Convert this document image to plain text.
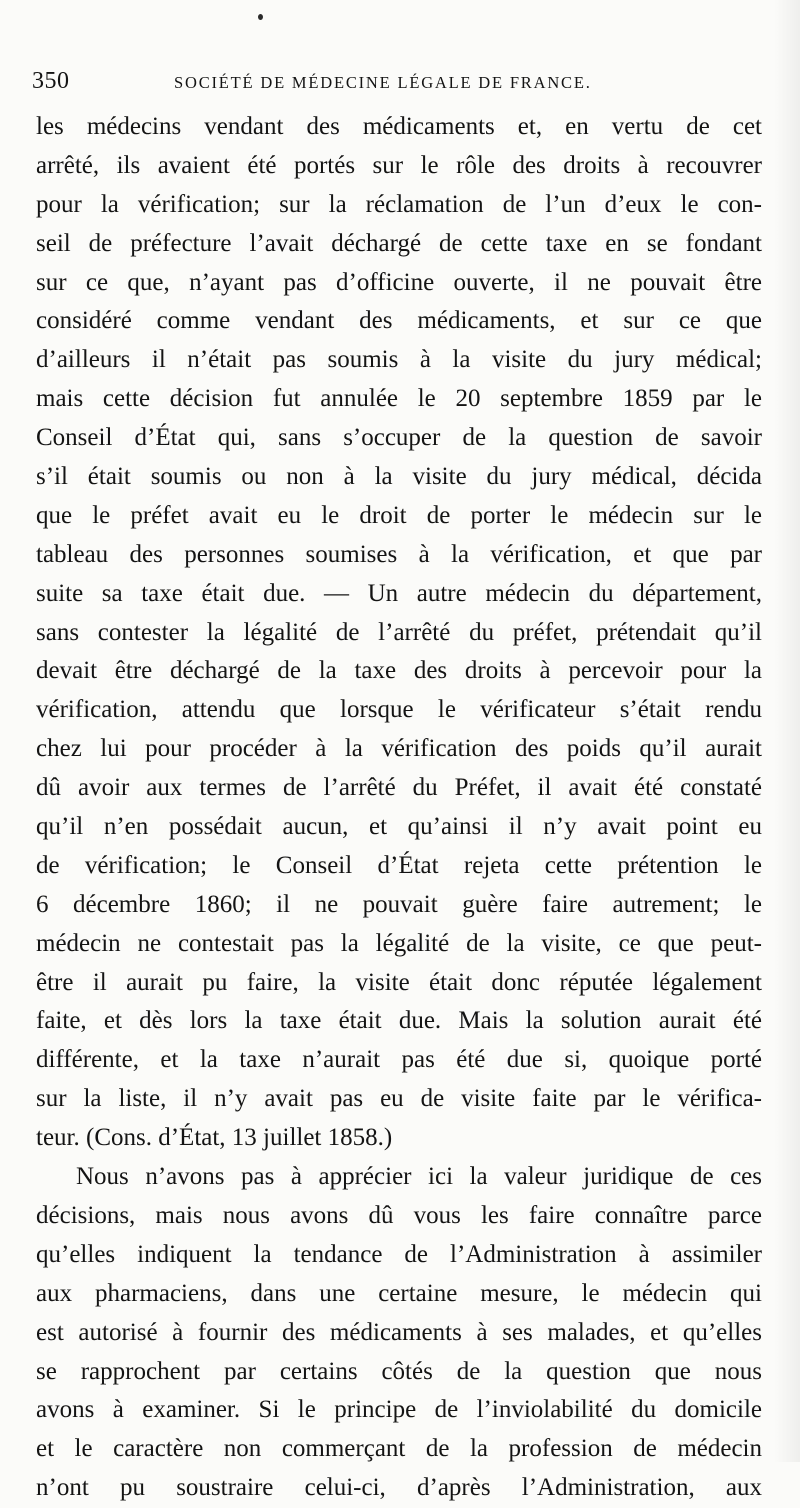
350	SOCIÉTÉ DE MÉDECINE LÉGALE DE FRANCE.
les médecins vendant des médicaments et, en vertu de cet
arrêté, ils avaient été portés sur le rôle des droits à recouvrer
pour la vérification; sur la réclamation de l’un d’eux le con-
seil de préfecture l’avait déchargé de cette taxe en se fondant
sur ce que, n’ayant pas d’officine ouverte, il ne pouvait être
considéré comme vendant des médicaments, et sur ce que
d’ailleurs il n’était pas soumis à la visite du jury médical;
mais cette décision fut annulée le 20 septembre 1859 par le
Conseil d’État qui, sans s’occuper de la question de savoir
s’il était soumis ou non à la visite du jury médical, décida
que le préfet avait eu le droit de porter le médecin sur le
tableau des personnes soumises à la vérification, et que par
suite sa taxe était due. — Un autre médecin du département,
sans contester la légalité de l’arrêté du préfet, prétendait qu’il
devait être déchargé de la taxe des droits à percevoir pour la
vérification, attendu que lorsque le vérificateur s’était rendu
chez lui pour procéder à la vérification des poids qu’il aurait
dû avoir aux termes de l’arrêté du Préfet, il avait été constaté
qu’il n’en possédait aucun, et qu’ainsi il n’y avait point eu
de vérification; le Conseil d’État rejeta cette prétention le
6 décembre 1860; il ne pouvait guère faire autrement; le
médecin ne contestait pas la légalité de la visite, ce que peut-
être il aurait pu faire, la visite était donc réputée légalement
faite, et dès lors la taxe était due. Mais la solution aurait été
différente, et la taxe n’aurait pas été due si, quoique porté
sur la liste, il n’y avait pas eu de visite faite par le vérifica-
teur. (Cons. d’État, 13 juillet 1858.)
Nous n’avons pas à apprécier ici la valeur juridique de ces
décisions, mais nous avons dû vous les faire connaître parce
qu’elles indiquent la tendance de l’Administration à assimiler
aux pharmaciens, dans une certaine mesure, le médecin qui
est autorisé à fournir des médicaments à ses malades, et qu’elles
se rapprochent par certains côtés de la question que nous
avons à examiner. Si le principe de l’inviolabilité du domicile
et le caractère non commerçant de la profession de médecin
n’ont pu soustraire celui-ci, d’après l’Administration, aux
